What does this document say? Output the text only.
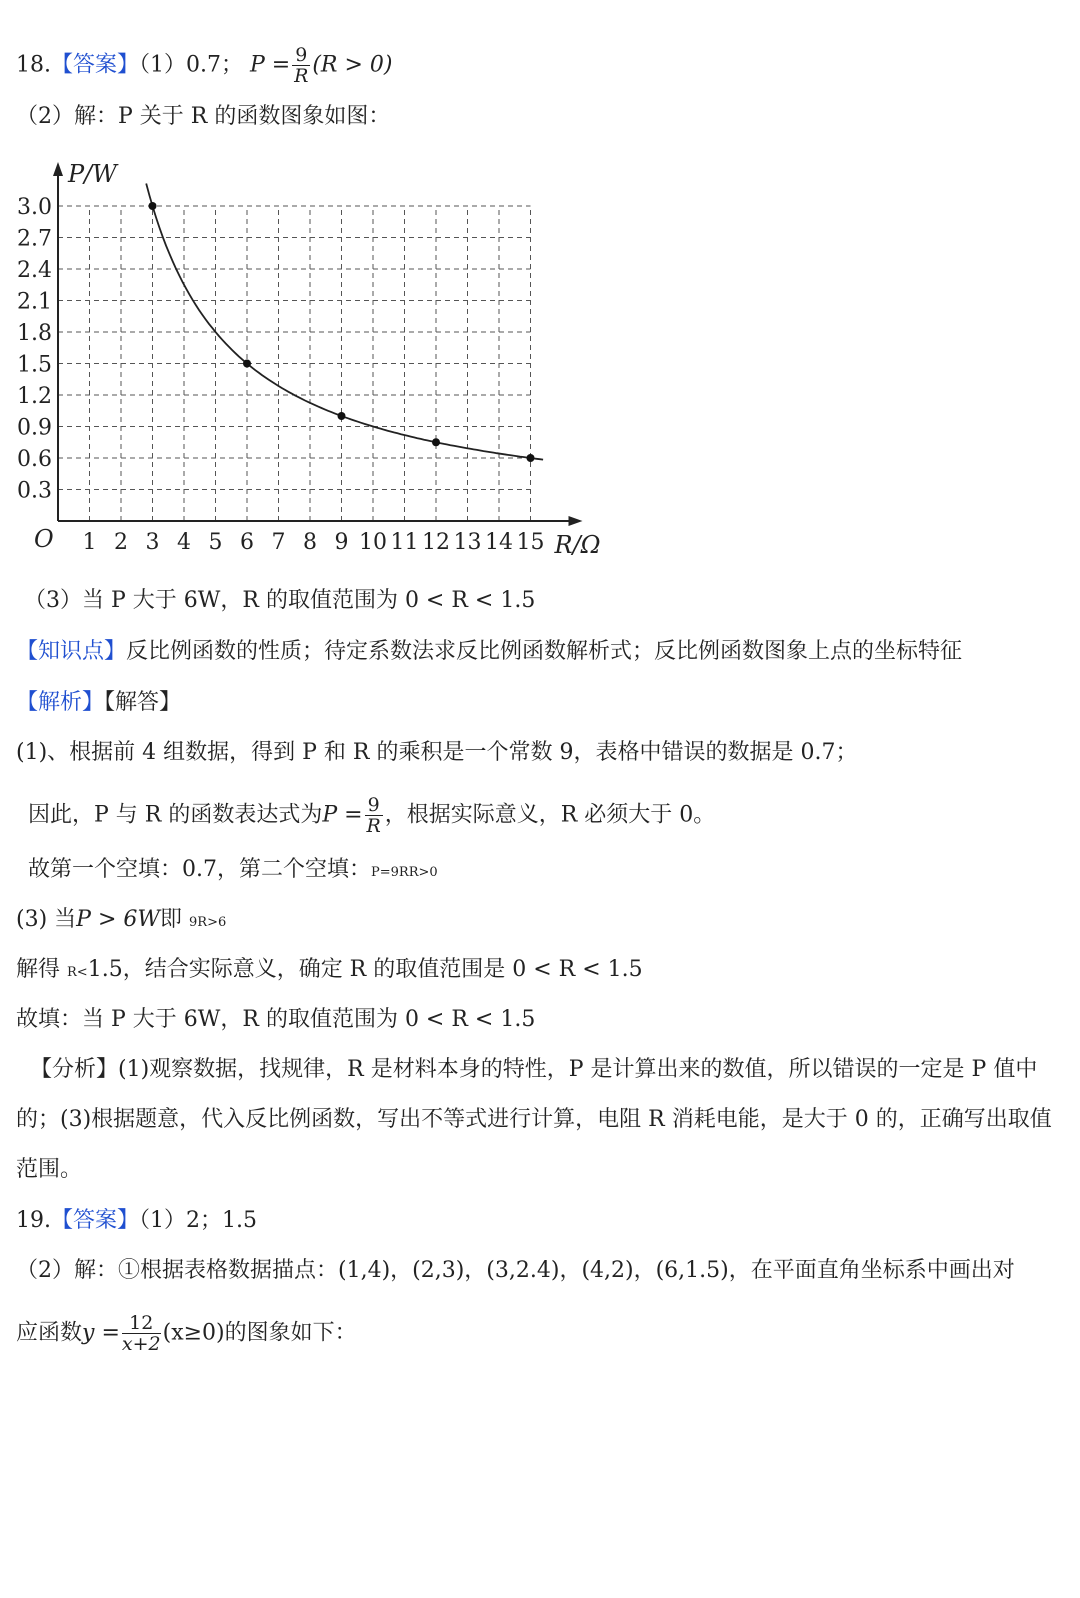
18.【答案】（1）0.7； $P = \frac{9}{R} (R > 0)$
（2）解：P 关于 R 的函数图象如图：
1 2 3 4 5 6 7 8 9 10 11 12 13 14 15
0.3
0.6
0.9
1.2
1.5
1.8
2.1
2.4
2.7
3.0
P/W
R/Ω
O
（3）当 P 大于 6W，R 的取值范围为 0 < R < 1.5
【知识点】反比例函数的性质；待定系数法求反比例函数解析式；反比例函数图象上点的坐标特征
【解析】【解答】
(1)、根据前 4 组数据，得到 P 和 R 的乘积是一个常数 9，表格中错误的数据是 0.7；
因此，P 与 R 的函数表达式为$P = \frac{9}{R}$ ，根据实际意义，R 必须大于 0。
故第一个空填：0.7，第二个空填：P=9RR>0
(3) 当P > 6W即 9R>6
解得 R<1.5，结合实际意义，确定 R 的取值范围是 0 < R < 1.5
故填：当 P 大于 6W，R 的取值范围为 0 < R < 1.5
【分析】(1)观察数据，找规律，R 是材料本身的特性，P 是计算出来的数值，所以错误的一定是 P 值中的；(3)根据题意，代入反比例函数，写出不等式进行计算，电阻 R 消耗电能，是大于 0 的，正确写出取值范围。
19.【答案】（1）2；1.5
（2）解：①根据表格数据描点：(1,4)，(2,3)，(3,2.4)，(4,2)，(6,1.5)，在平面直角坐标系中画出对
应函数$y = \frac{12}{x+2} (x\ge 0)$的图象如下：
